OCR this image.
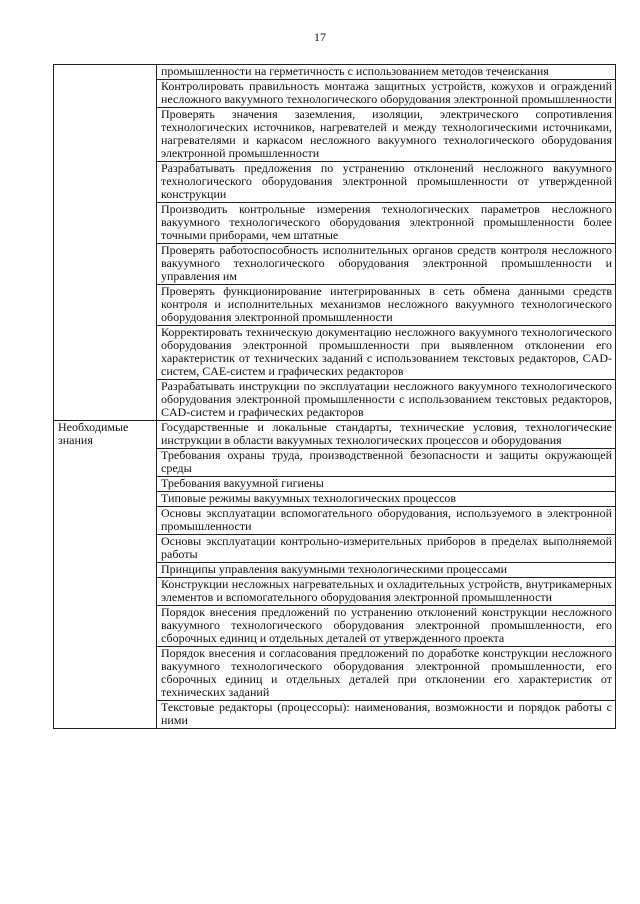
17
	промышленности на герметичность с использованием методов течеискания
	Контролировать правильность монтажа защитных устройств, кожухов и ограждений несложного вакуумного технологического оборудования электронной промышленности
	Проверять значения заземления, изоляции, электрического сопротивления технологических источников, нагревателей и между технологическими источниками, нагревателями и каркасом несложного вакуумного технологического оборудования электронной промышленности
	Разрабатывать предложения по устранению отклонений несложного вакуумного технологического оборудования электронной промышленности от утвержденной конструкции
	Производить контрольные измерения технологических параметров несложного вакуумного технологического оборудования электронной промышленности более точными приборами, чем штатные
	Проверять работоспособность исполнительных органов средств контроля несложного вакуумного технологического оборудования электронной промышленности и управления им
	Проверять функционирование интегрированных в сеть обмена данными средств контроля и исполнительных механизмов несложного вакуумного технологического оборудования электронной промышленности
	Корректировать техническую документацию несложного вакуумного технологического оборудования электронной промышленности при выявленном отклонении его характеристик от технических заданий с использованием текстовых редакторов, CAD-систем, CAE-систем и графических редакторов
	Разрабатывать инструкции по эксплуатации несложного вакуумного технологического оборудования электронной промышленности с использованием текстовых редакторов, CAD-систем и графических редакторов
Необходимые знания	Государственные и локальные стандарты, технические условия, технологические инструкции в области вакуумных технологических процессов и оборудования
	Требования охраны труда, производственной безопасности и защиты окружающей среды
	Требования вакуумной гигиены
	Типовые режимы вакуумных технологических процессов
	Основы эксплуатации вспомогательного оборудования, используемого в электронной промышленности
	Основы эксплуатации контрольно-измерительных приборов в пределах выполняемой работы
	Принципы управления вакуумными технологическими процессами
	Конструкции несложных нагревательных и охладительных устройств, внутрикамерных элементов и вспомогательного оборудования электронной промышленности
	Порядок внесения предложений по устранению отклонений конструкции несложного вакуумного технологического оборудования электронной промышленности, его сборочных единиц и отдельных деталей от утвержденного проекта
	Порядок внесения и согласования предложений по доработке конструкции несложного вакуумного технологического оборудования электронной промышленности, его сборочных единиц и отдельных деталей при отклонении его характеристик от технических заданий
	Текстовые редакторы (процессоры): наименования, возможности и порядок работы с ними
